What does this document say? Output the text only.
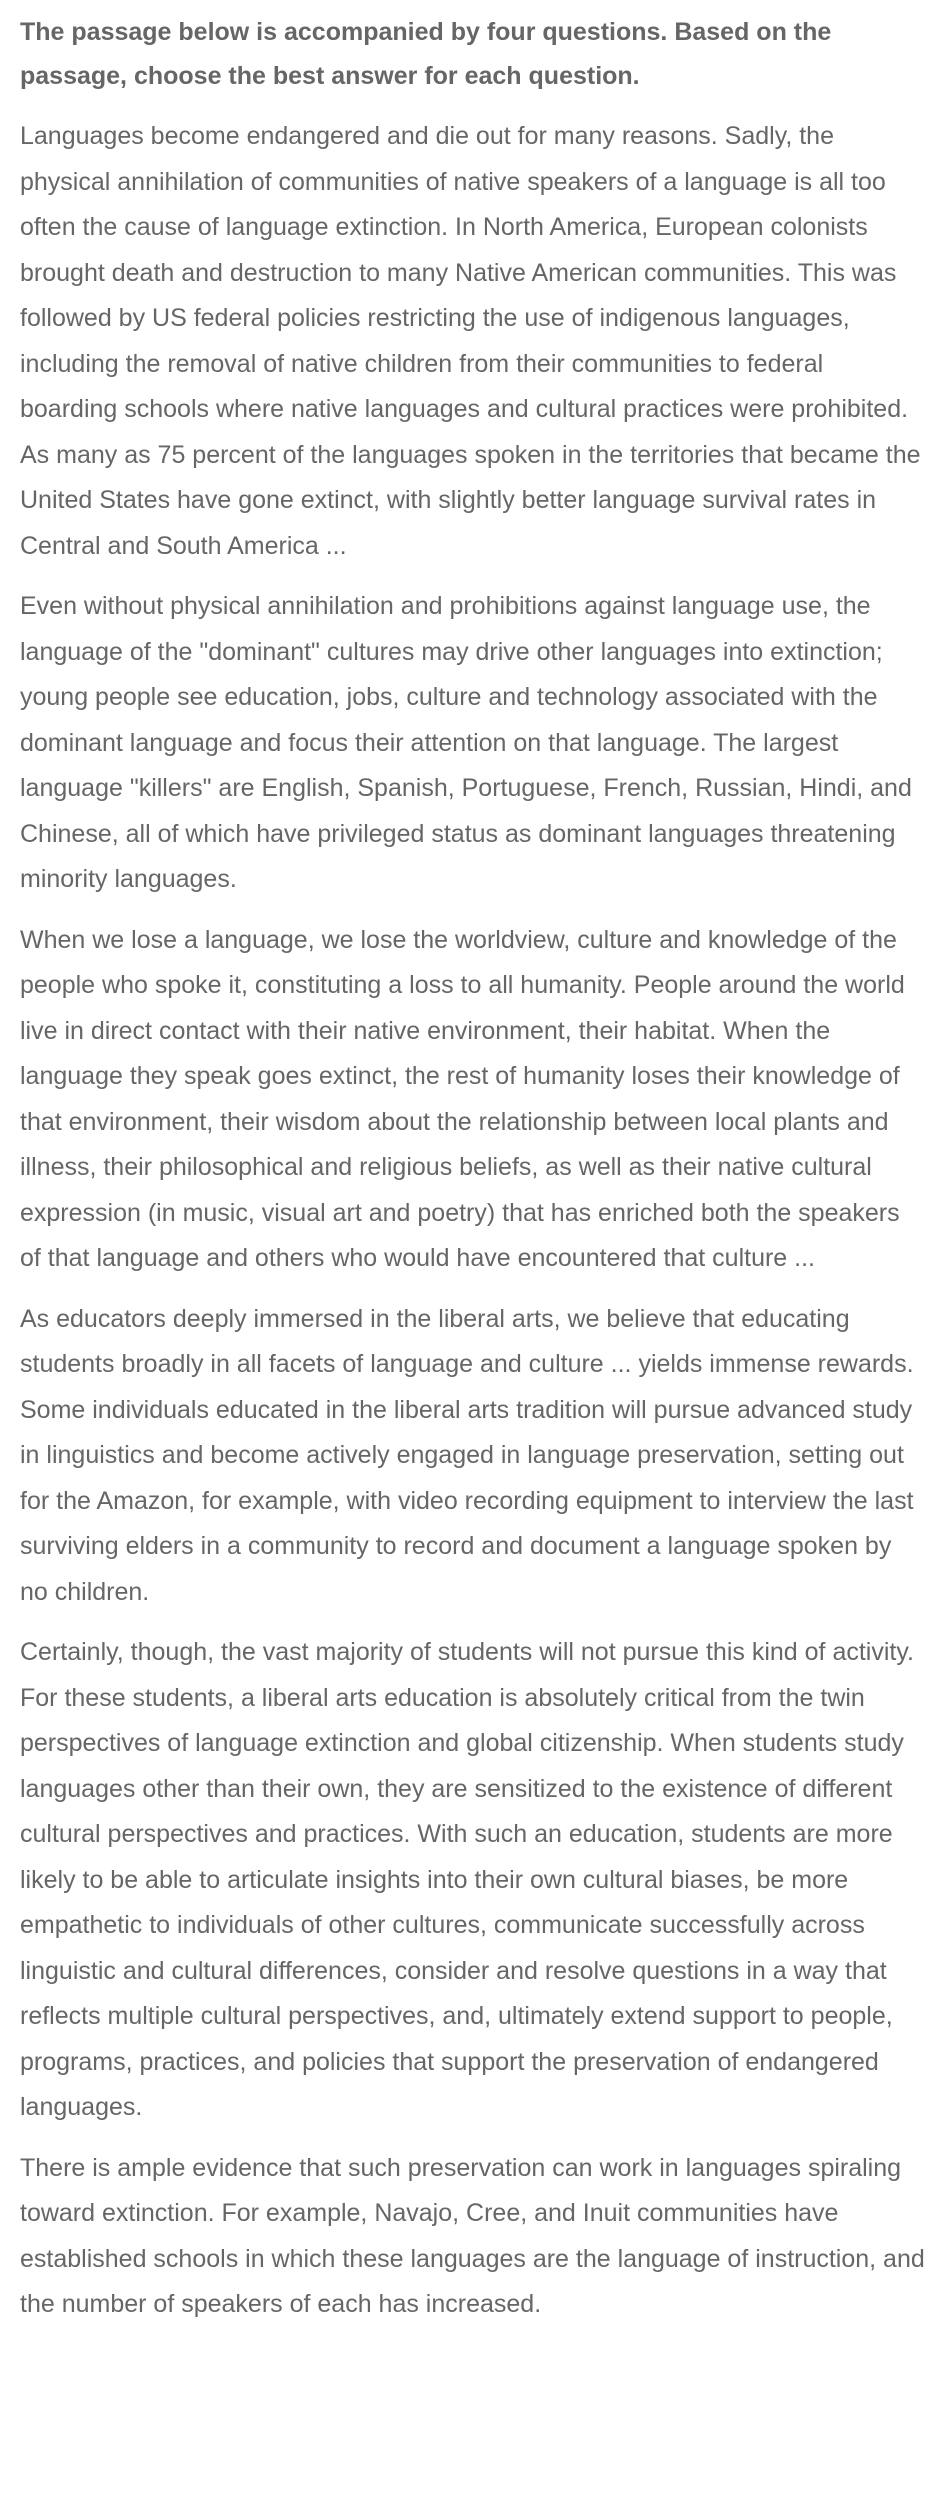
The passage below is accompanied by four questions. Based on the passage, choose the best answer for each question.

Languages become endangered and die out for many reasons. Sadly, the physical annihilation of communities of native speakers of a language is all too often the cause of language extinction. In North America, European colonists brought death and destruction to many Native American communities. This was followed by US federal policies restricting the use of indigenous languages, including the removal of native children from their communities to federal boarding schools where native languages and cultural practices were prohibited. As many as 75 percent of the languages spoken in the territories that became the United States have gone extinct, with slightly better language survival rates in Central and South America ...

Even without physical annihilation and prohibitions against language use, the language of the "dominant" cultures may drive other languages into extinction; young people see education, jobs, culture and technology associated with the dominant language and focus their attention on that language. The largest language "killers" are English, Spanish, Portuguese, French, Russian, Hindi, and Chinese, all of which have privileged status as dominant languages threatening minority languages.

When we lose a language, we lose the worldview, culture and knowledge of the people who spoke it, constituting a loss to all humanity. People around the world live in direct contact with their native environment, their habitat. When the language they speak goes extinct, the rest of humanity loses their knowledge of that environment, their wisdom about the relationship between local plants and illness, their philosophical and religious beliefs, as well as their native cultural expression (in music, visual art and poetry) that has enriched both the speakers of that language and others who would have encountered that culture ...

As educators deeply immersed in the liberal arts, we believe that educating students broadly in all facets of language and culture ... yields immense rewards. Some individuals educated in the liberal arts tradition will pursue advanced study in linguistics and become actively engaged in language preservation, setting out for the Amazon, for example, with video recording equipment to interview the last surviving elders in a community to record and document a language spoken by no children.

Certainly, though, the vast majority of students will not pursue this kind of activity. For these students, a liberal arts education is absolutely critical from the twin perspectives of language extinction and global citizenship. When students study languages other than their own, they are sensitized to the existence of different cultural perspectives and practices. With such an education, students are more likely to be able to articulate insights into their own cultural biases, be more empathetic to individuals of other cultures, communicate successfully across linguistic and cultural differences, consider and resolve questions in a way that reflects multiple cultural perspectives, and, ultimately extend support to people, programs, practices, and policies that support the preservation of endangered languages.

There is ample evidence that such preservation can work in languages spiraling toward extinction. For example, Navajo, Cree, and Inuit communities have established schools in which these languages are the language of instruction, and the number of speakers of each has increased.
